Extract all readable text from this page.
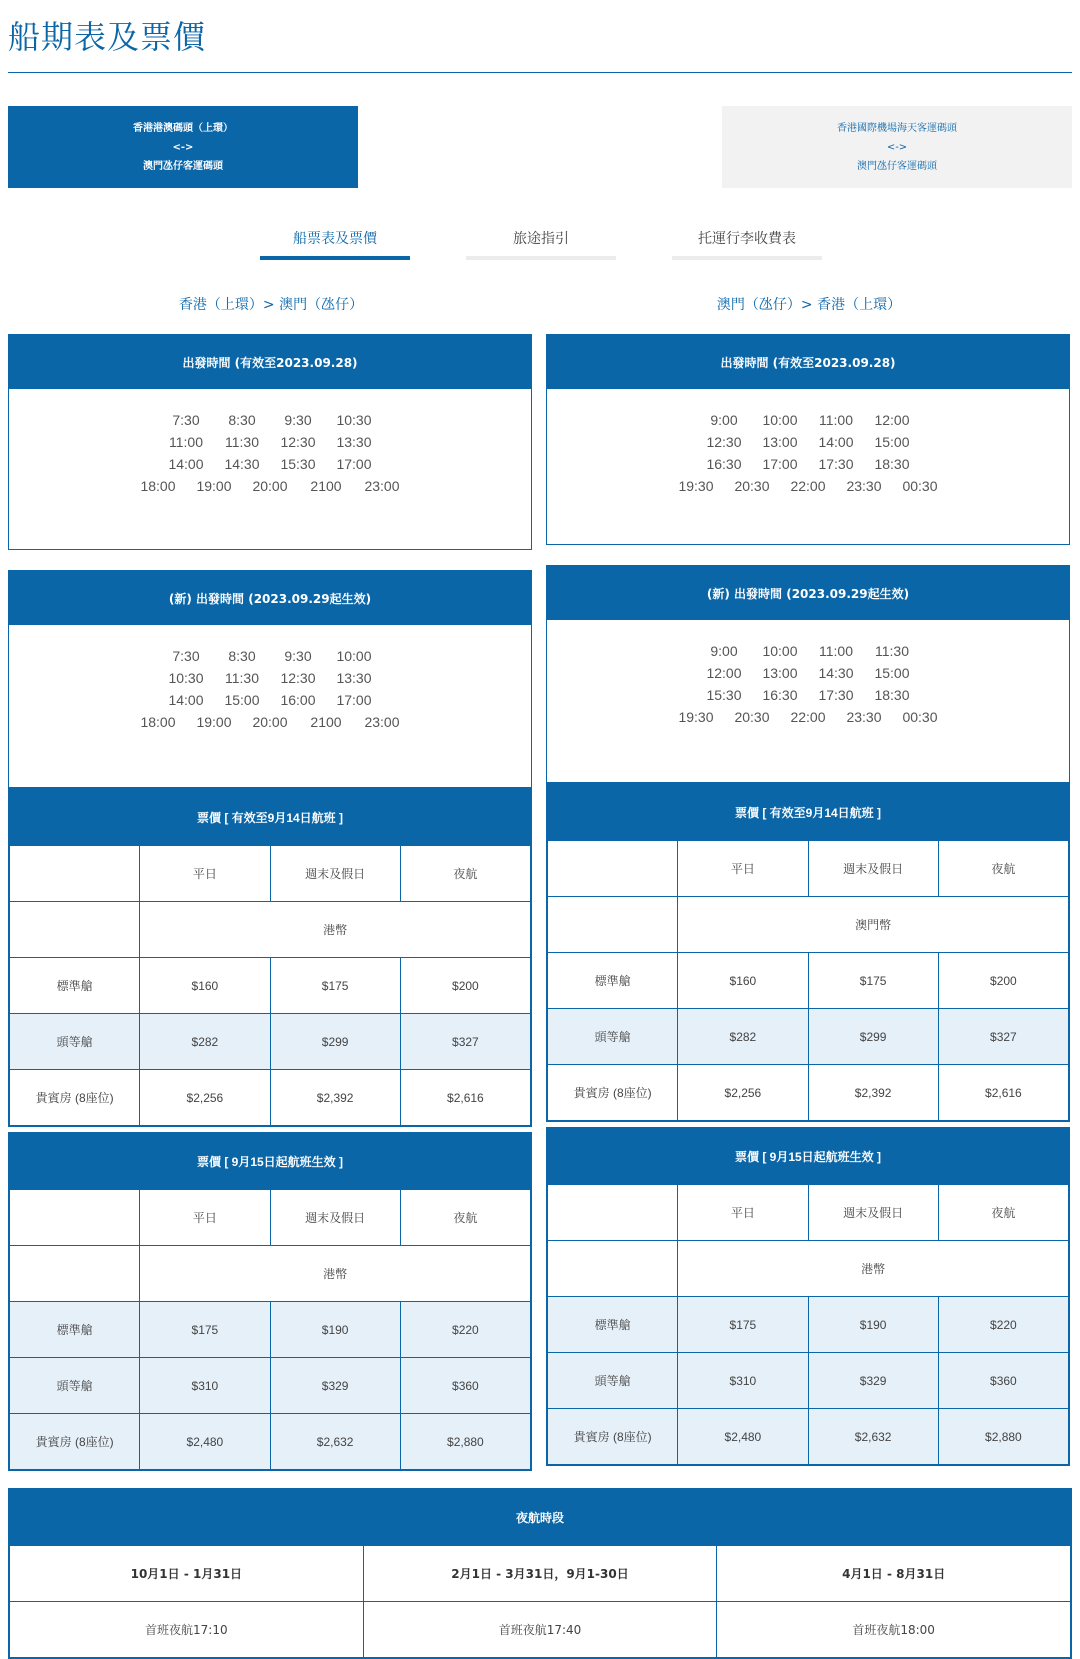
船期表及票價
香港港澳碼頭（上環）
<->
澳門氹仔客運碼頭
香港國際機場海天客運碼頭
<->
澳門氹仔客運碼頭
船票表及票價	旅途指引	托運行李收費表
香港（上環）> 澳門（氹仔）	澳門（氹仔）> 香港（上環）
出發時間 (有效至2023.09.28)
7:30	8:30	9:30	10:30
11:00	11:30	12:30	13:30
14:00	14:30	15:30	17:00
18:00	19:00	20:00	2100	23:00
出發時間 (有效至2023.09.28)
9:00	10:00	11:00	12:00
12:30	13:00	14:00	15:00
16:30	17:00	17:30	18:30
19:30	20:30	22:00	23:30	00:30
(新) 出發時間 (2023.09.29起生效)
7:30	8:30	9:30	10:00
10:30	11:30	12:30	13:30
14:00	15:00	16:00	17:00
18:00	19:00	20:00	2100	23:00
(新) 出發時間 (2023.09.29起生效)
9:00	10:00	11:00	11:30
12:00	13:00	14:30	15:00
15:30	16:30	17:30	18:30
19:30	20:30	22:00	23:30	00:30
票價 [ 有效至9月14日航班 ]			
	平日	週末及假日	夜航
	港幣		
標準艙	$160	$175	$200
頭等艙	$282	$299	$327
貴賓房 (8座位)	$2,256	$2,392	$2,616
票價 [ 有效至9月14日航班 ]			
	平日	週末及假日	夜航
	澳門幣		
標準艙	$160	$175	$200
頭等艙	$282	$299	$327
貴賓房 (8座位)	$2,256	$2,392	$2,616
票價 [ 9月15日起航班生效 ]			
	平日	週末及假日	夜航
	港幣		
標準艙	$175	$190	$220
頭等艙	$310	$329	$360
貴賓房 (8座位)	$2,480	$2,632	$2,880
票價 [ 9月15日起航班生效 ]			
	平日	週末及假日	夜航
	港幣		
標準艙	$175	$190	$220
頭等艙	$310	$329	$360
貴賓房 (8座位)	$2,480	$2,632	$2,880
夜航時段		
10月1日 - 1月31日	2月1日 - 3月31日，9月1-30日	4月1日 - 8月31日
首班夜航17:10	首班夜航17:40	首班夜航18:00
